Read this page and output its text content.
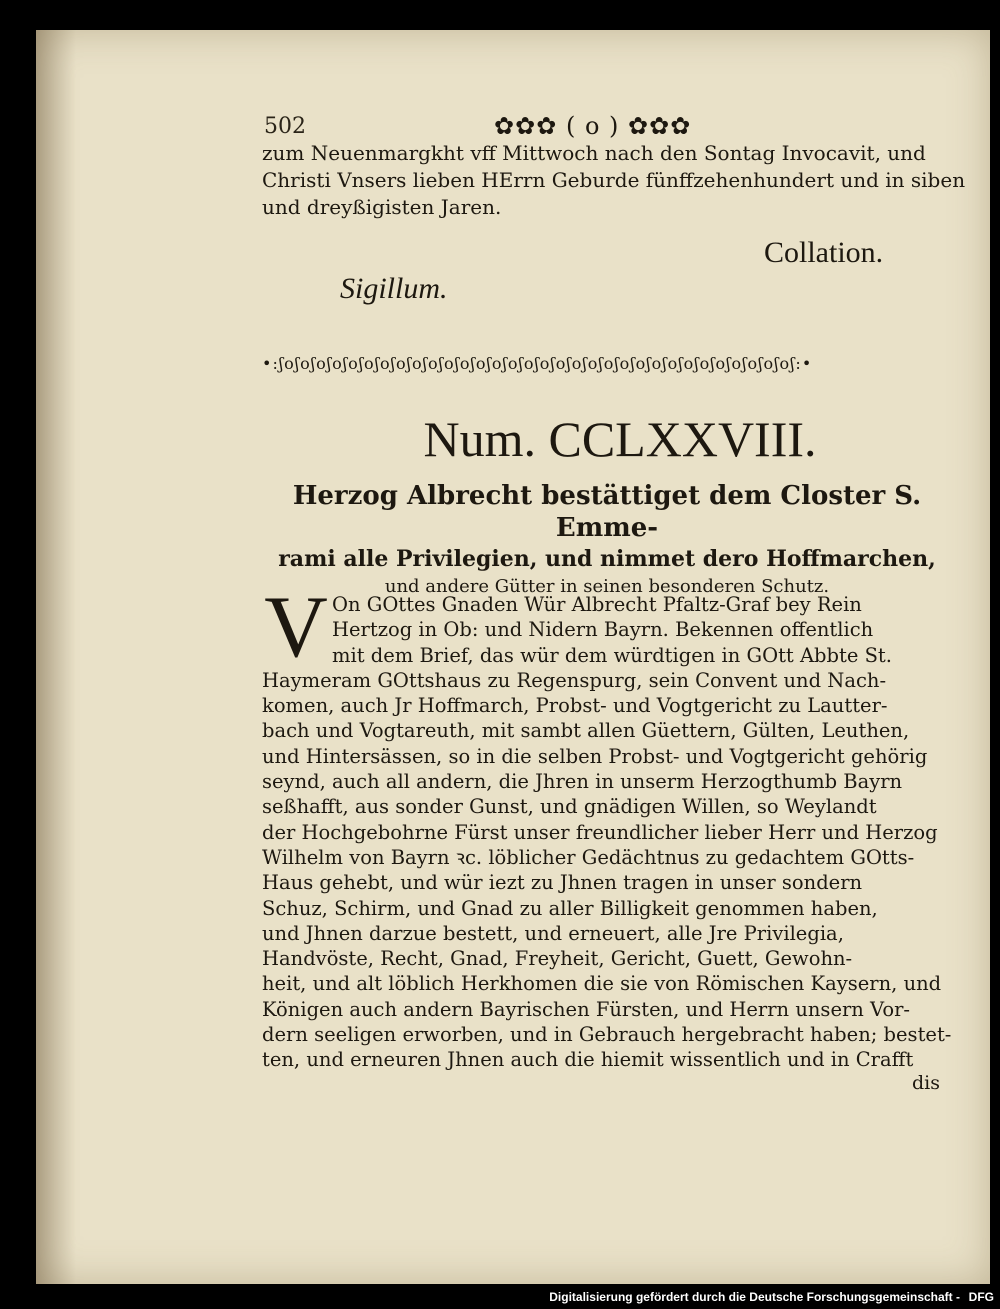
502	✿✿✿ ( o ) ✿✿✿
zum Neuenmargkht vff Mittwoch nach den Sontag Invocavit, und
Christi Vnsers lieben HErrn Geburde fünffzehenhundert und in siben
und dreyßigisten Jaren.
Collation.
Sigillum.
•:ʃoʃoʃoʃoʃoʃoʃoʃoʃoʃoʃoʃoʃoʃoʃoʃoʃoʃoʃoʃoʃoʃoʃoʃoʃoʃoʃoʃoʃoʃoʃoʃoʃ:•
Num. CCLXXVIII.
Herzog Albrecht bestättiget dem Closter S. Emme-
rami alle Privilegien, und nimmet dero Hoffmarchen,
und andere Gütter in seinen besonderen Schutz.
V On GOttes Gnaden Wür Albrecht Pfaltz-Graf bey Rein
Hertzog in Ob: und Nidern Bayrn. Bekennen offentlich
mit dem Brief, das wür dem würdtigen in GOtt Abbte St.
Haymeram GOttshaus zu Regenspurg, sein Convent und Nach-
komen, auch Jr Hoffmarch, Probst- und Vogtgericht zu Lautter-
bach und Vogtareuth, mit sambt allen Güettern, Gülten, Leuthen,
und Hintersässen, so in die selben Probst- und Vogtgericht gehörig
seynd, auch all andern, die Jhren in unserm Herzogthumb Bayrn
seßhafft, aus sonder Gunst, und gnädigen Willen, so Weylandt
der Hochgebohrne Fürst unser freundlicher lieber Herr und Herzog
Wilhelm von Bayrn ꝛc. löblicher Gedächtnus zu gedachtem GOtts-
Haus gehebt, und wür iezt zu Jhnen tragen in unser sondern
Schuz, Schirm, und Gnad zu aller Billigkeit genommen haben,
und Jhnen darzue bestett, und erneuert, alle Jre Privilegia,
Handvöste, Recht, Gnad, Freyheit, Gericht, Guett, Gewohn-
heit, und alt löblich Herkhomen die sie von Römischen Kaysern, und
Königen auch andern Bayrischen Fürsten, und Herrn unsern Vor-
dern seeligen erworben, und in Gebrauch hergebracht haben; bestet-
ten, und erneuren Jhnen auch die hiemit wissentlich und in Crafft
dis
Digitalisierung gefördert durch die Deutsche Forschungsgemeinschaft - DFG
